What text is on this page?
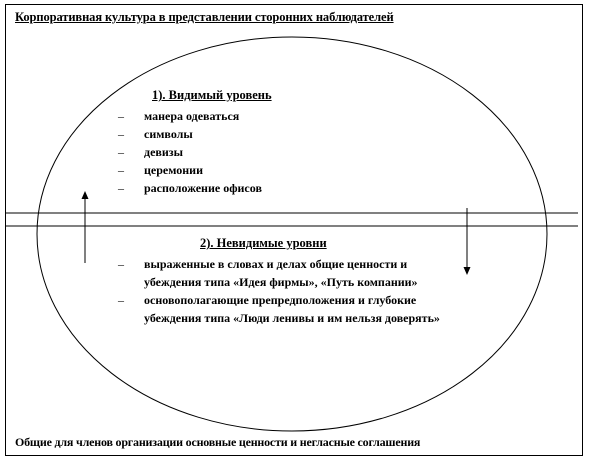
Корпоративная культура в представлении сторонних наблюдателей
1). Видимый уровень
– манера одеваться
– символы
– девизы
– церемонии
– расположение офисов
2). Невидимые уровни
– выраженные в словах и делах общие ценности и убеждения типа «Идея фирмы», «Путь компании»
– основополагающие препредположения и глубокие убеждения типа «Люди ленивы и им нельзя доверять»
Общие для членов организации основные ценности и негласные соглашения
